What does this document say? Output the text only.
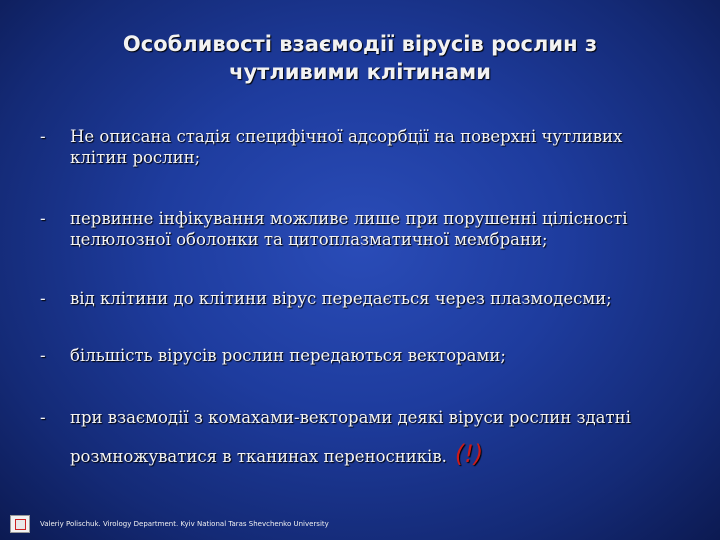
Особливості взаємодії вірусів рослин з чутливими клітинами
- Не описана стадія специфічної адсорбції на поверхні чутливих клітин рослин;
- первинне інфікування можливе лише при порушенні цілісності целюлозної оболонки та цитоплазматичної мембрани;
- від клітини до клітини вірус передається через плазмодесми;
- більшість вірусів рослин передаються векторами;
- при взаємодії з комахами-векторами деякі віруси рослин здатні розмножуватися в тканинах переносників. (!)
Valeriy Polischuk. Virology Department. Kyiv National Taras Shevchenko University
